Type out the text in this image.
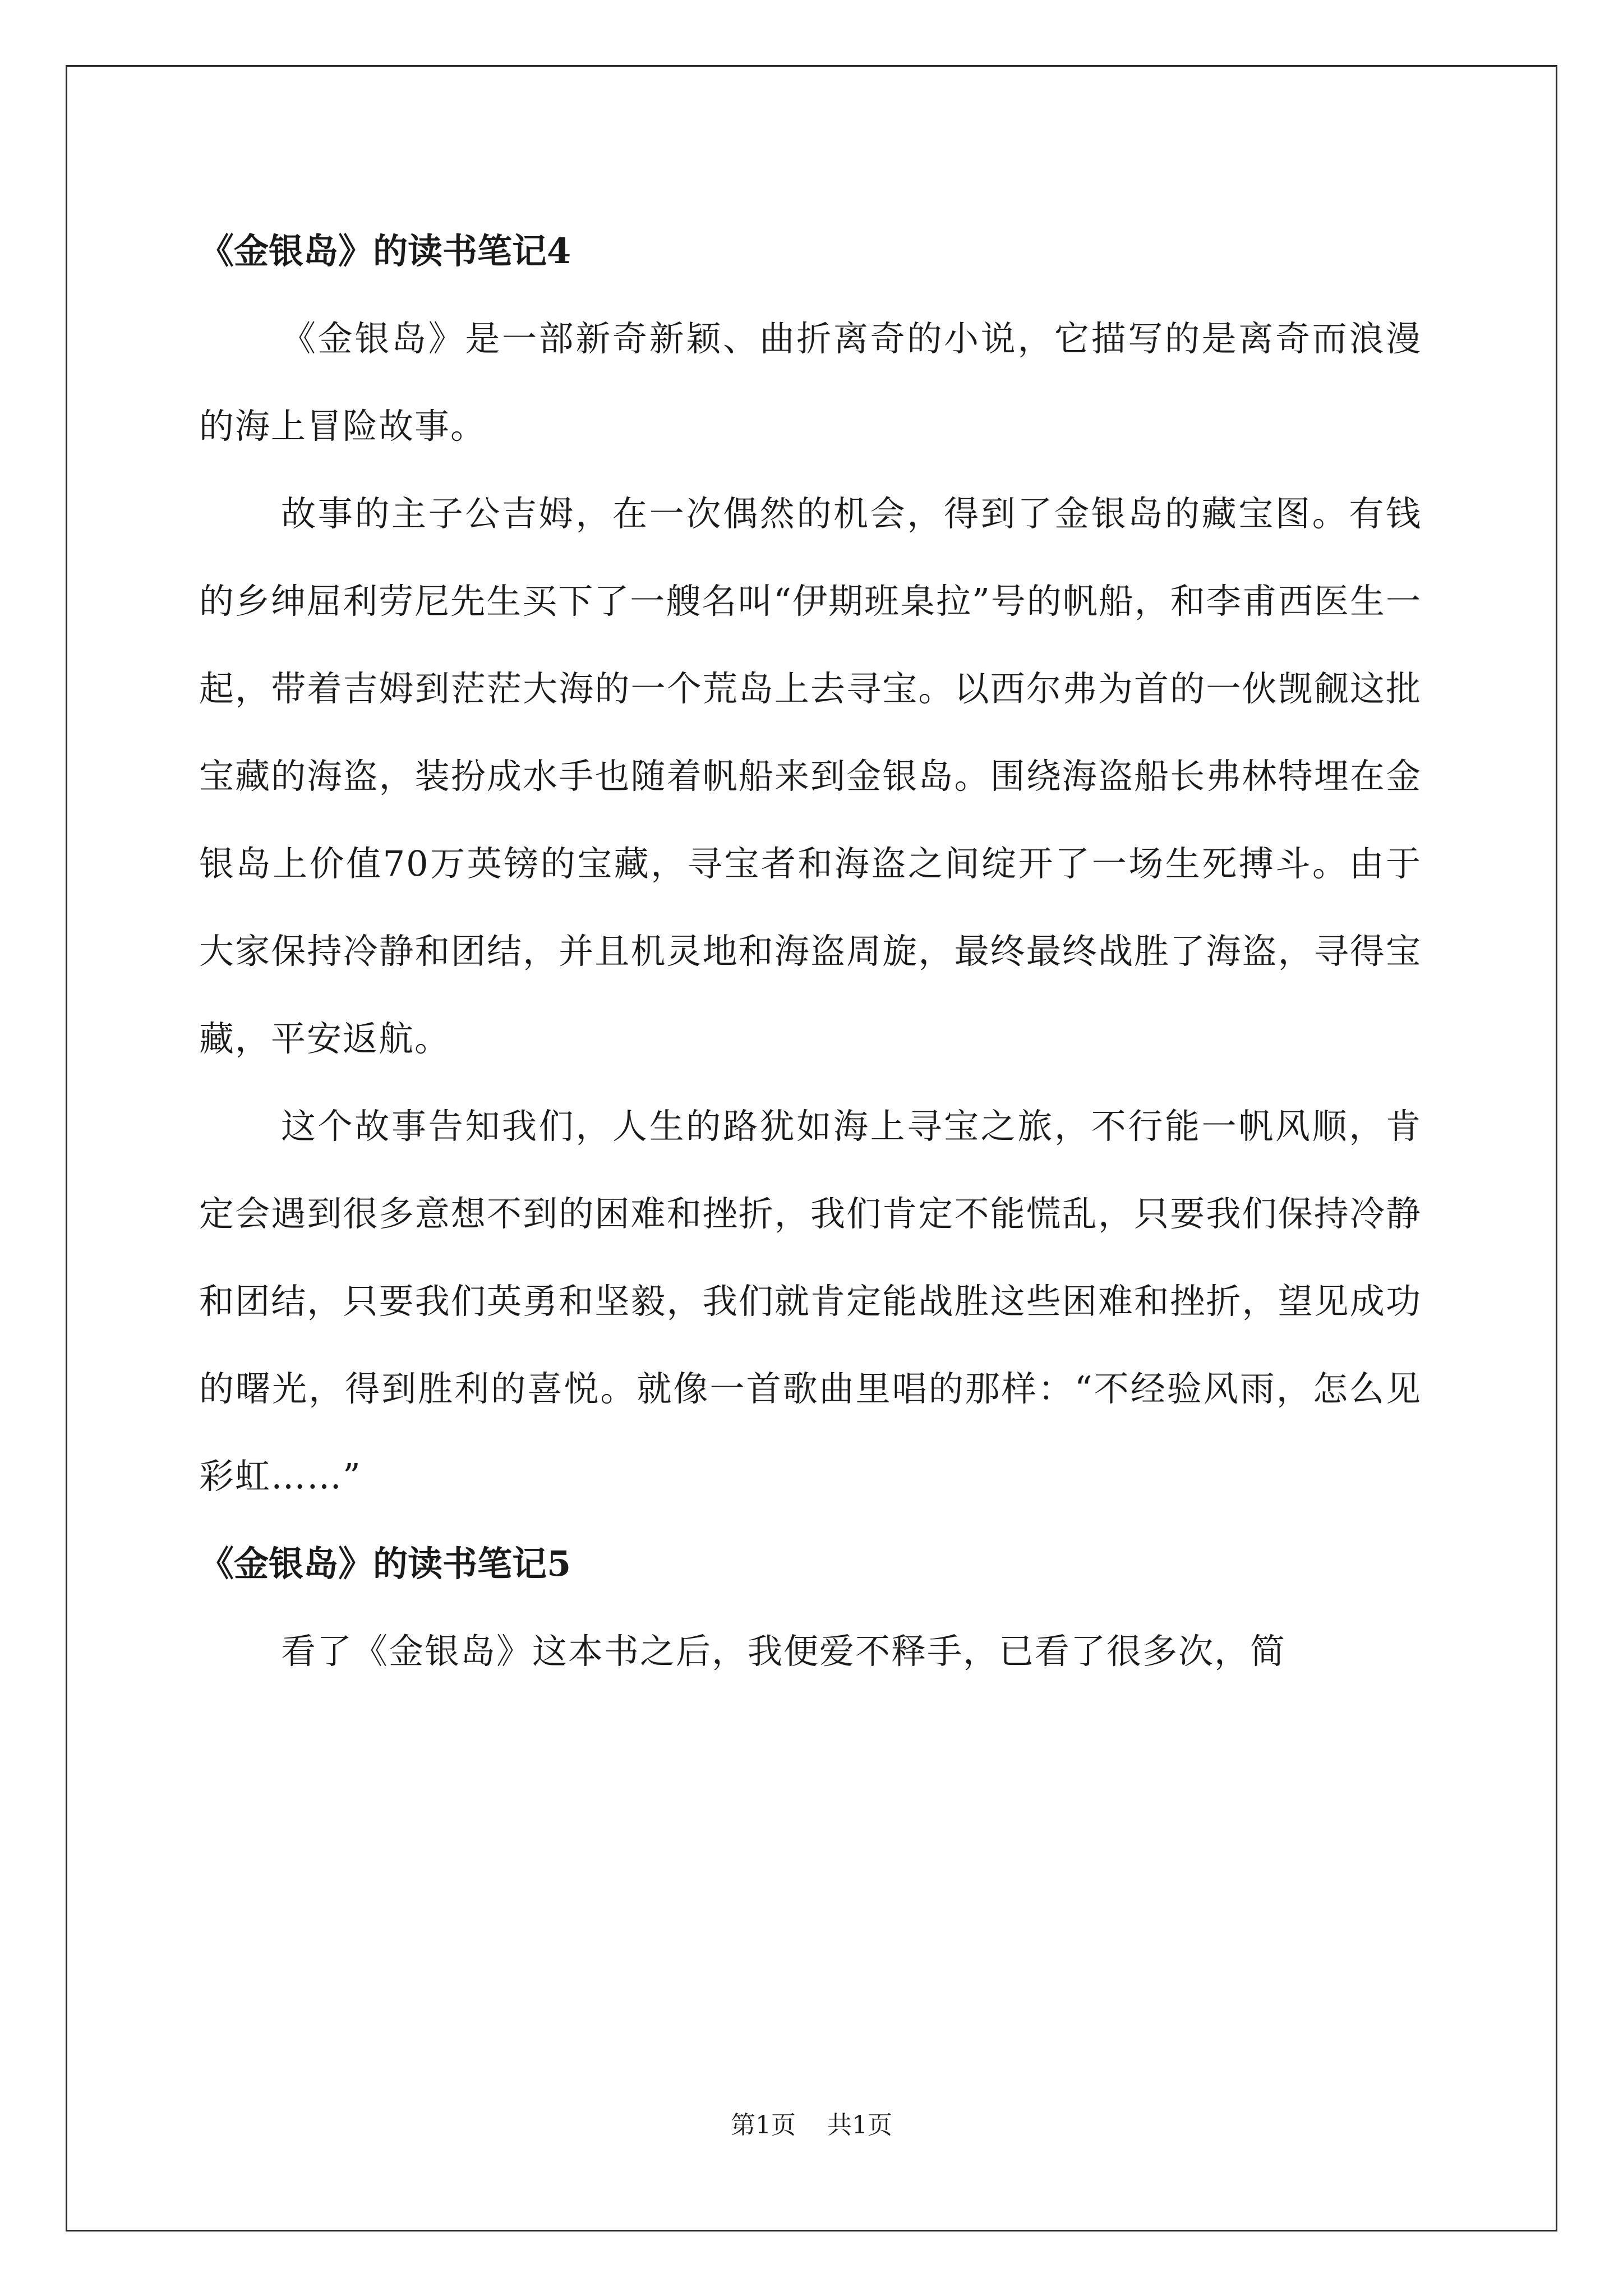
《金银岛》的读书笔记4

《金银岛》是一部新奇新颖、曲折离奇的小说，它描写的是离奇而浪漫的海上冒险故事。

故事的主子公吉姆，在一次偶然的机会，得到了金银岛的藏宝图。有钱的乡绅屈利劳尼先生买下了一艘名叫“伊期班臬拉”号的帆船，和李甫西医生一起，带着吉姆到茫茫大海的一个荒岛上去寻宝。以西尔弗为首的一伙觊觎这批宝藏的海盗，装扮成水手也随着帆船来到金银岛。围绕海盗船长弗林特埋在金银岛上价值70万英镑的宝藏，寻宝者和海盗之间绽开了一场生死搏斗。由于大家保持冷静和团结，并且机灵地和海盗周旋，最终最终战胜了海盗，寻得宝藏，平安返航。

这个故事告知我们，人生的路犹如海上寻宝之旅，不行能一帆风顺，肯定会遇到很多意想不到的困难和挫折，我们肯定不能慌乱，只要我们保持冷静和团结，只要我们英勇和坚毅，我们就肯定能战胜这些困难和挫折，望见成功的曙光，得到胜利的喜悦。就像一首歌曲里唱的那样：“不经验风雨，怎么见彩虹……”

《金银岛》的读书笔记5

看了《金银岛》这本书之后，我便爱不释手，已看了很多次，简

第1页 共1页
